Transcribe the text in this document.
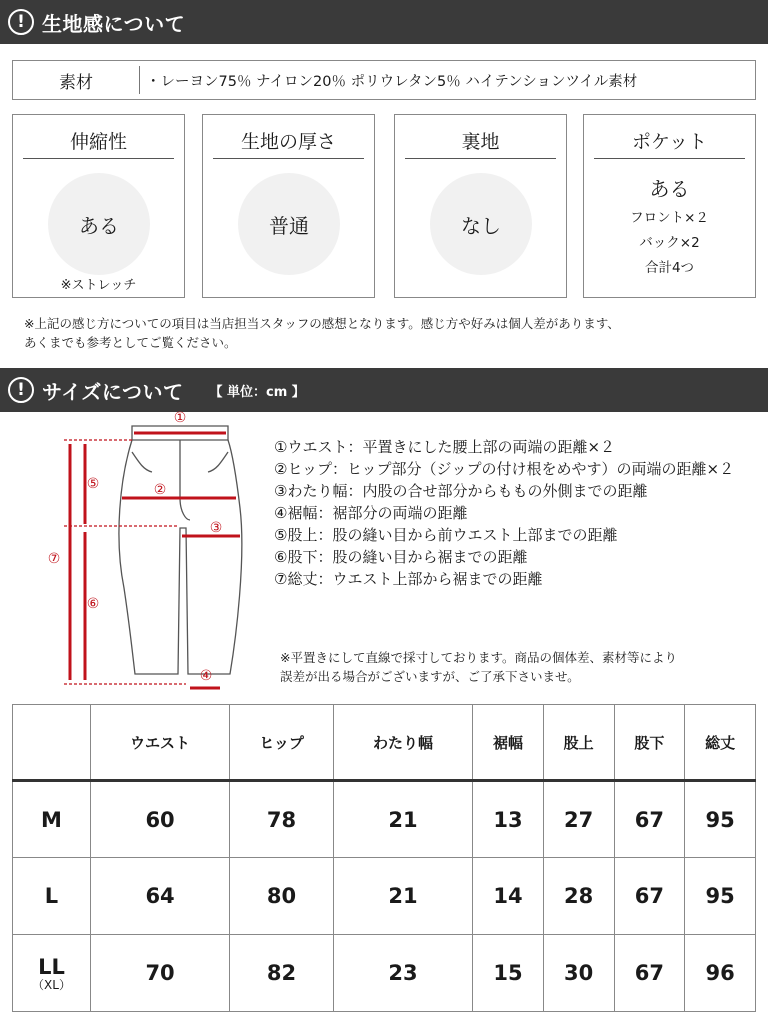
! 生地感について
素材	・レーヨン75％ ナイロン20％ ポリウレタン5％ ハイテンションツイル素材
伸縮性
ある
※ストレッチ
生地の厚さ
普通
裏地
なし
ポケット
ある
フロント×２
バック×2
合計4つ
※上記の感じ方についての項目は当店担当スタッフの感想となります。感じ方や好みは個人差があります、
あくまでも参考としてご覧ください。
! サイズについて 【 単位：cm 】
①
②
③
④
⑤
⑦
⑥
①ウエスト：平置きにした腰上部の両端の距離×２
②ヒップ：ヒップ部分（ジップの付け根をめやす）の両端の距離×２
③わたり幅：内股の合せ部分からももの外側までの距離
④裾幅：裾部分の両端の距離
⑤股上：股の縫い目から前ウエスト上部までの距離
⑥股下：股の縫い目から裾までの距離
⑦総丈：ウエスト上部から裾までの距離
※平置きにして直線で採寸しております。商品の個体差、素材等により
誤差が出る場合がございますが、ご了承下さいませ。
	ウエスト	ヒップ	わたり幅	裾幅	股上	股下	総丈
M	60	78	21	13	27	67	95
L	64	80	21	14	28	67	95
LL
（XL）	70	82	23	15	30	67	96
